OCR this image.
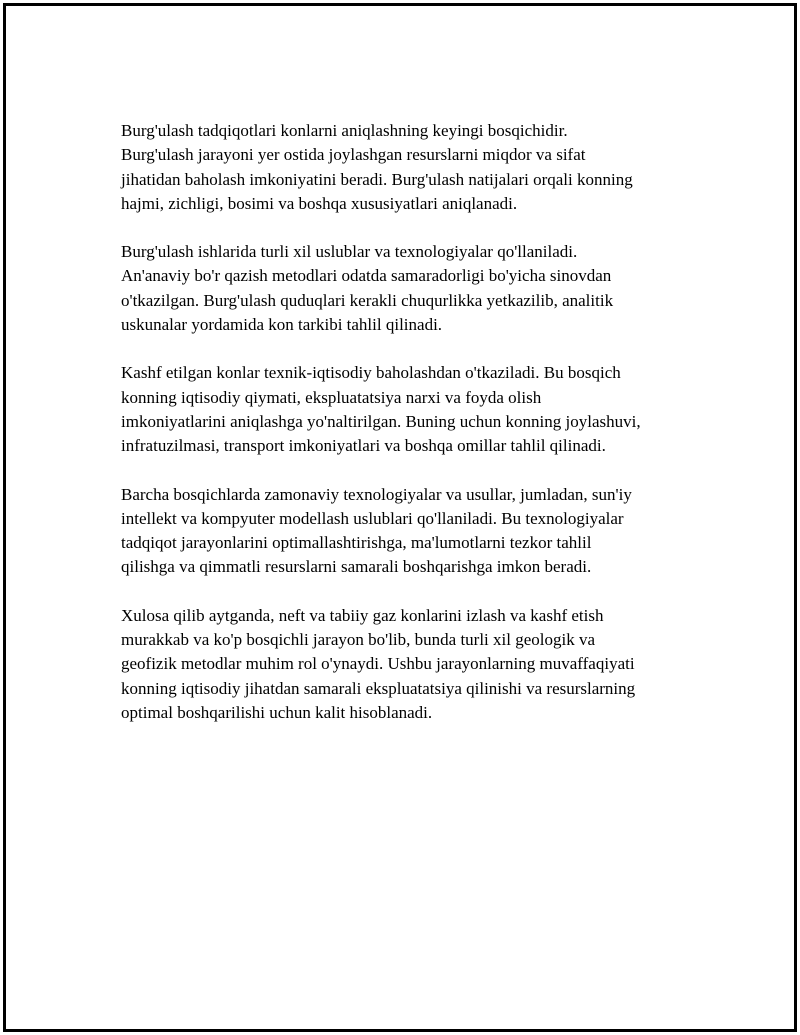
Burg'ulash tadqiqotlari konlarni aniqlashning keyingi bosqichidir.
Burg'ulash jarayoni yer ostida joylashgan resurslarni miqdor va sifat
jihatidan baholash imkoniyatini beradi. Burg'ulash natijalari orqali konning
hajmi, zichligi, bosimi va boshqa xususiyatlari aniqlanadi.

Burg'ulash ishlarida turli xil uslublar va texnologiyalar qo'llaniladi.
An'anaviy bo'r qazish metodlari odatda samaradorligi bo'yicha sinovdan
o'tkazilgan. Burg'ulash quduqlari kerakli chuqurlikka yetkazilib, analitik
uskunalar yordamida kon tarkibi tahlil qilinadi.

Kashf etilgan konlar texnik-iqtisodiy baholashdan o'tkaziladi. Bu bosqich
konning iqtisodiy qiymati, ekspluatatsiya narxi va foyda olish
imkoniyatlarini aniqlashga yo'naltirilgan. Buning uchun konning joylashuvi,
infratuzilmasi, transport imkoniyatlari va boshqa omillar tahlil qilinadi.

Barcha bosqichlarda zamonaviy texnologiyalar va usullar, jumladan, sun'iy
intellekt va kompyuter modellash uslublari qo'llaniladi. Bu texnologiyalar
tadqiqot jarayonlarini optimallashtirishga, ma'lumotlarni tezkor tahlil
qilishga va qimmatli resurslarni samarali boshqarishga imkon beradi.

Xulosa qilib aytganda, neft va tabiiy gaz konlarini izlash va kashf etish
murakkab va ko'p bosqichli jarayon bo'lib, bunda turli xil geologik va
geofizik metodlar muhim rol o'ynaydi. Ushbu jarayonlarning muvaffaqiyati
konning iqtisodiy jihatdan samarali ekspluatatsiya qilinishi va resurslarning
optimal boshqarilishi uchun kalit hisoblanadi.
